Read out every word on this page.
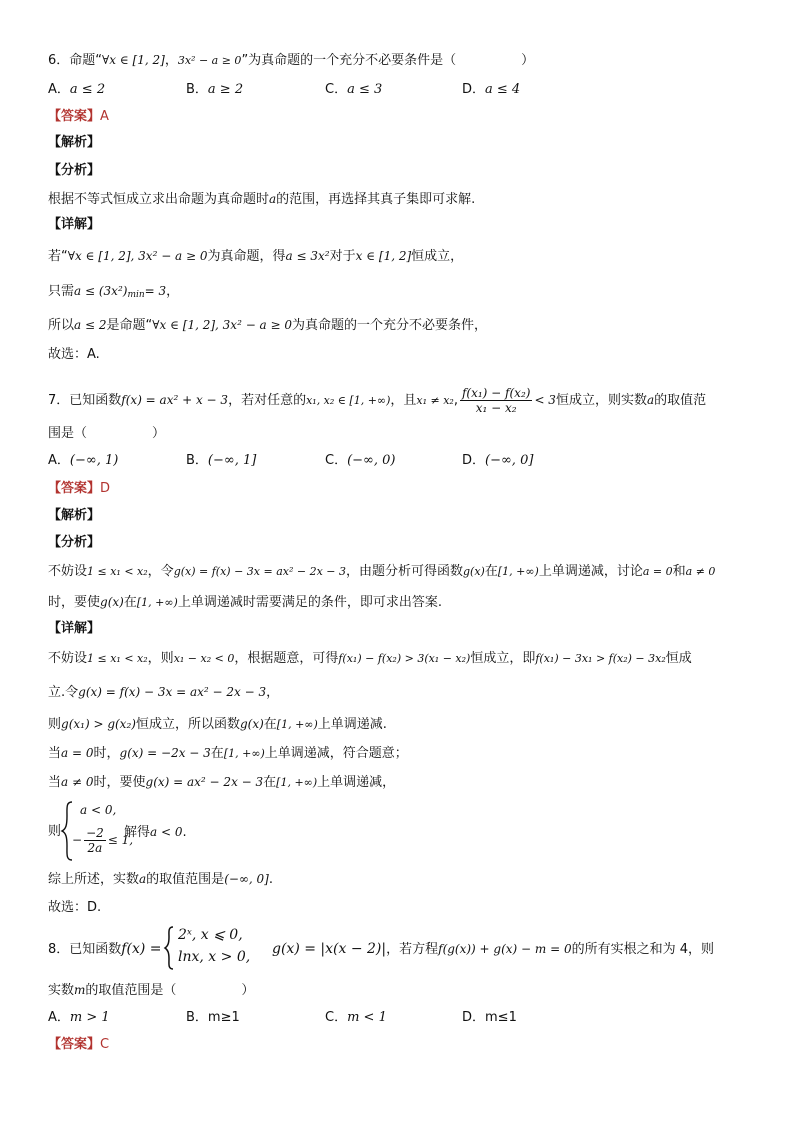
6．命题“∀x ∈ [1, 2]，3x² − a ≥ 0”为真命题的一个充分不必要条件是（　　　　　）
A．a ≤ 2	B．a ≥ 2	C．a ≤ 3	D．a ≤ 4
【答案】A
【解析】
【分析】
根据不等式恒成立求出命题为真命题时a的范围，再选择其真子集即可求解.
【详解】
若“∀x ∈ [1, 2], 3x² − a ≥ 0为真命题，得a ≤ 3x²对于x ∈ [1, 2]恒成立，
只需$a \le (3x^2)_{min}= 3$，
所以a ≤ 2是命题“∀x ∈ [1, 2], 3x² − a ≥ 0为真命题的一个充分不必要条件，
故选：A.
7．已知函数f(x) = ax² + x − 3，若对任意的x₁, x₂ ∈ [1, +∞)，且x₁ ≠ x₂, $\frac{\text{f(x₁) − f(x₂)}}{\text{x₁ − x₂}} < 3$恒成立，则实数a的取值范
围是（　　　　　）
A．(−∞, 1)	B．(−∞, 1]	C．(−∞, 0)	D．(−∞, 0]
【答案】D
【解析】
【分析】
不妨设1 ≤ x₁ < x₂，令g(x) = f(x) − 3x = ax² − 2x − 3，由题分析可得函数g(x)在[1, +∞)上单调递减，讨论a = 0和a ≠ 0
时，要使g(x)在[1, +∞)上单调递减时需要满足的条件，即可求出答案.
【详解】
不妨设1 ≤ x₁ < x₂，则x₁ − x₂ < 0，根据题意，可得f(x₁) − f(x₂) > 3(x₁ − x₂)恒成立，即f(x₁) − 3x₁ > f(x₂) − 3x₂恒成
立.令g(x) = f(x) − 3x = ax² − 2x − 3，
则g(x₁) > g(x₂)恒成立，所以函数g(x)在[1, +∞)上单调递减.
当a = 0时，g(x) = −2x − 3在[1, +∞)上单调递减，符合题意；
当a ≠ 0时，要使g(x) = ax² − 2x − 3在[1, +∞)上单调递减，
则
a < 0,
− $\frac{-2}{2a} \le 1$,
解得a < 0.
综上所述，实数a的取值范围是(−∞, 0].
故选：D.
8．已知函数f(x) =
2ˣ, x ⩽ 0,
lnx, x > 0, g(x) = |x(x − 2)|，若方程f(g(x)) + g(x) − m = 0的所有实根之和为 4，则
实数m的取值范围是（　　　　　）
A．m > 1	B．m≥1	C．m < 1	D．m≤1
【答案】C
